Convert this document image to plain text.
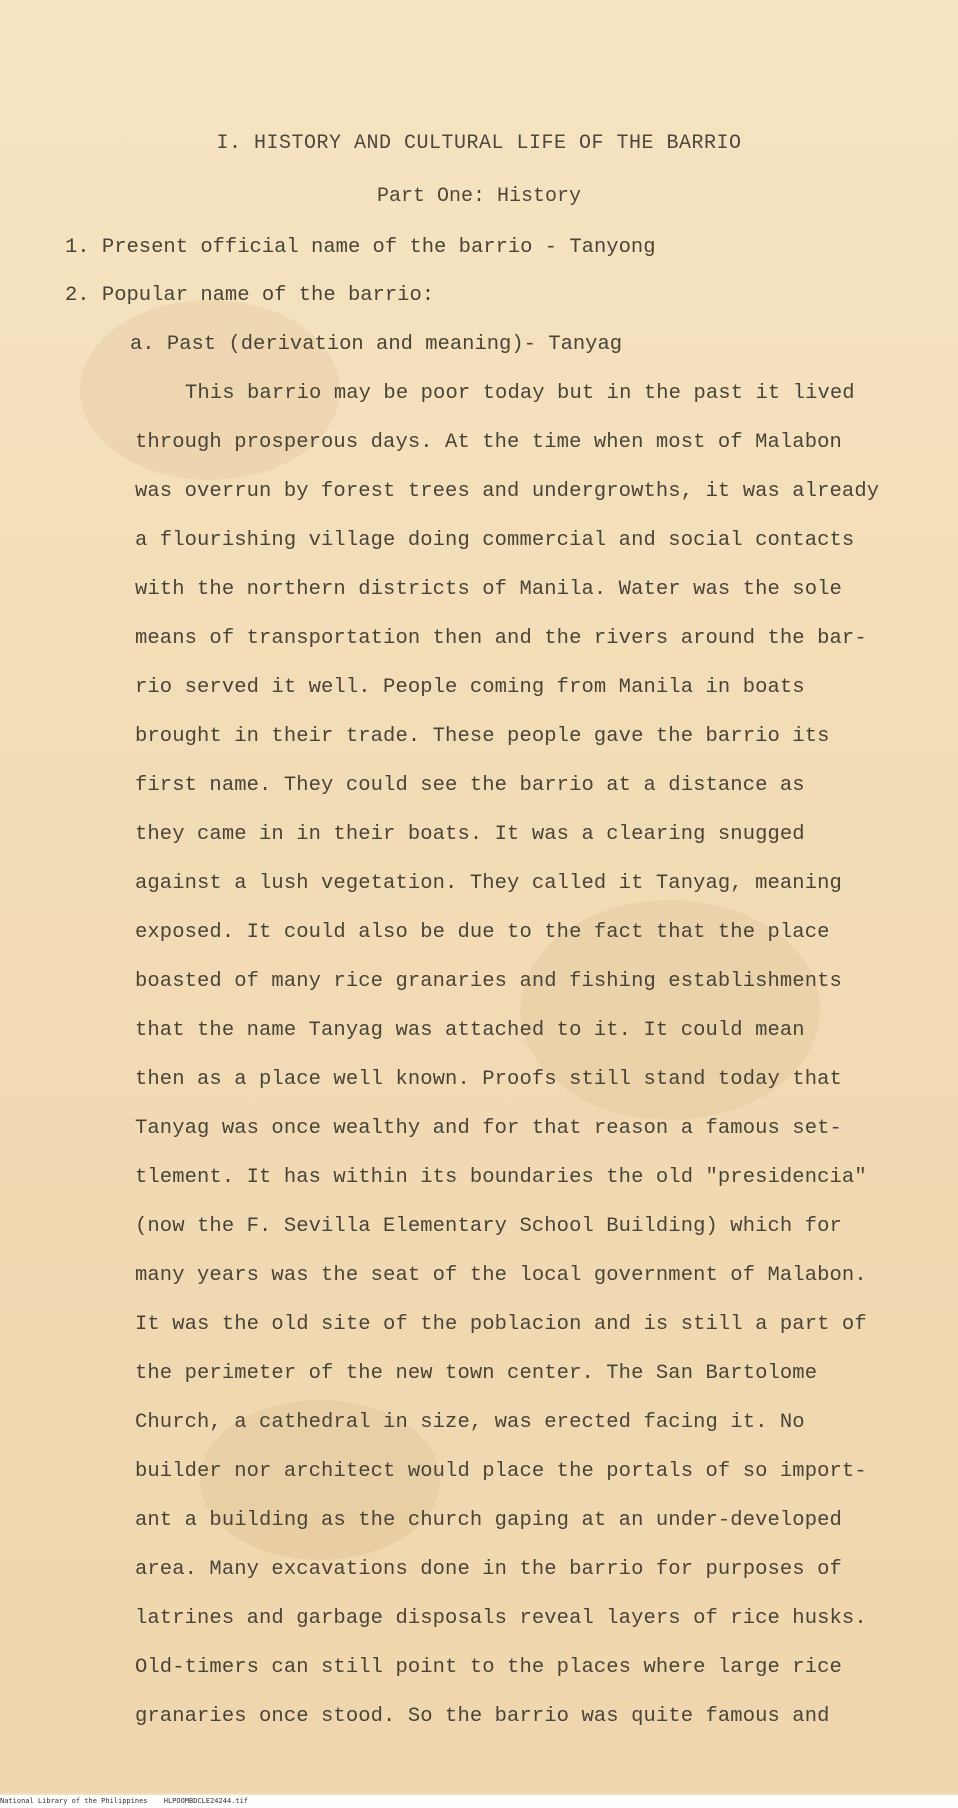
I. HISTORY AND CULTURAL LIFE OF THE BARRIO
Part One: History
1. Present official name of the barrio - Tanyong
2. Popular name of the barrio:
a. Past (derivation and meaning)- Tanyag
This barrio may be poor today but in the past it lived
through prosperous days. At the time when most of Malabon
was overrun by forest trees and undergrowths, it was already
a flourishing village doing commercial and social contacts
with the northern districts of Manila. Water was the sole
means of transportation then and the rivers around the bar-
rio served it well. People coming from Manila in boats
brought in their trade. These people gave the barrio its
first name. They could see the barrio at a distance as
they came in in their boats. It was a clearing snugged
against a lush vegetation. They called it Tanyag, meaning
exposed. It could also be due to the fact that the place
boasted of many rice granaries and fishing establishments
that the name Tanyag was attached to it. It could mean
then as a place well known. Proofs still stand today that
Tanyag was once wealthy and for that reason a famous set-
tlement. It has within its boundaries the old "presidencia"
(now the F. Sevilla Elementary School Building) which for
many years was the seat of the local government of Malabon.
It was the old site of the poblacion and is still a part of
the perimeter of the new town center. The San Bartolome
Church, a cathedral in size, was erected facing it. No
builder nor architect would place the portals of so import-
ant a building as the church gaping at an under-developed
area. Many excavations done in the barrio for purposes of
latrines and garbage disposals reveal layers of rice husks.
Old-timers can still point to the places where large rice
granaries once stood. So the barrio was quite famous and
National Library of the Philippines HLPOOMBDCLE24244.tif
